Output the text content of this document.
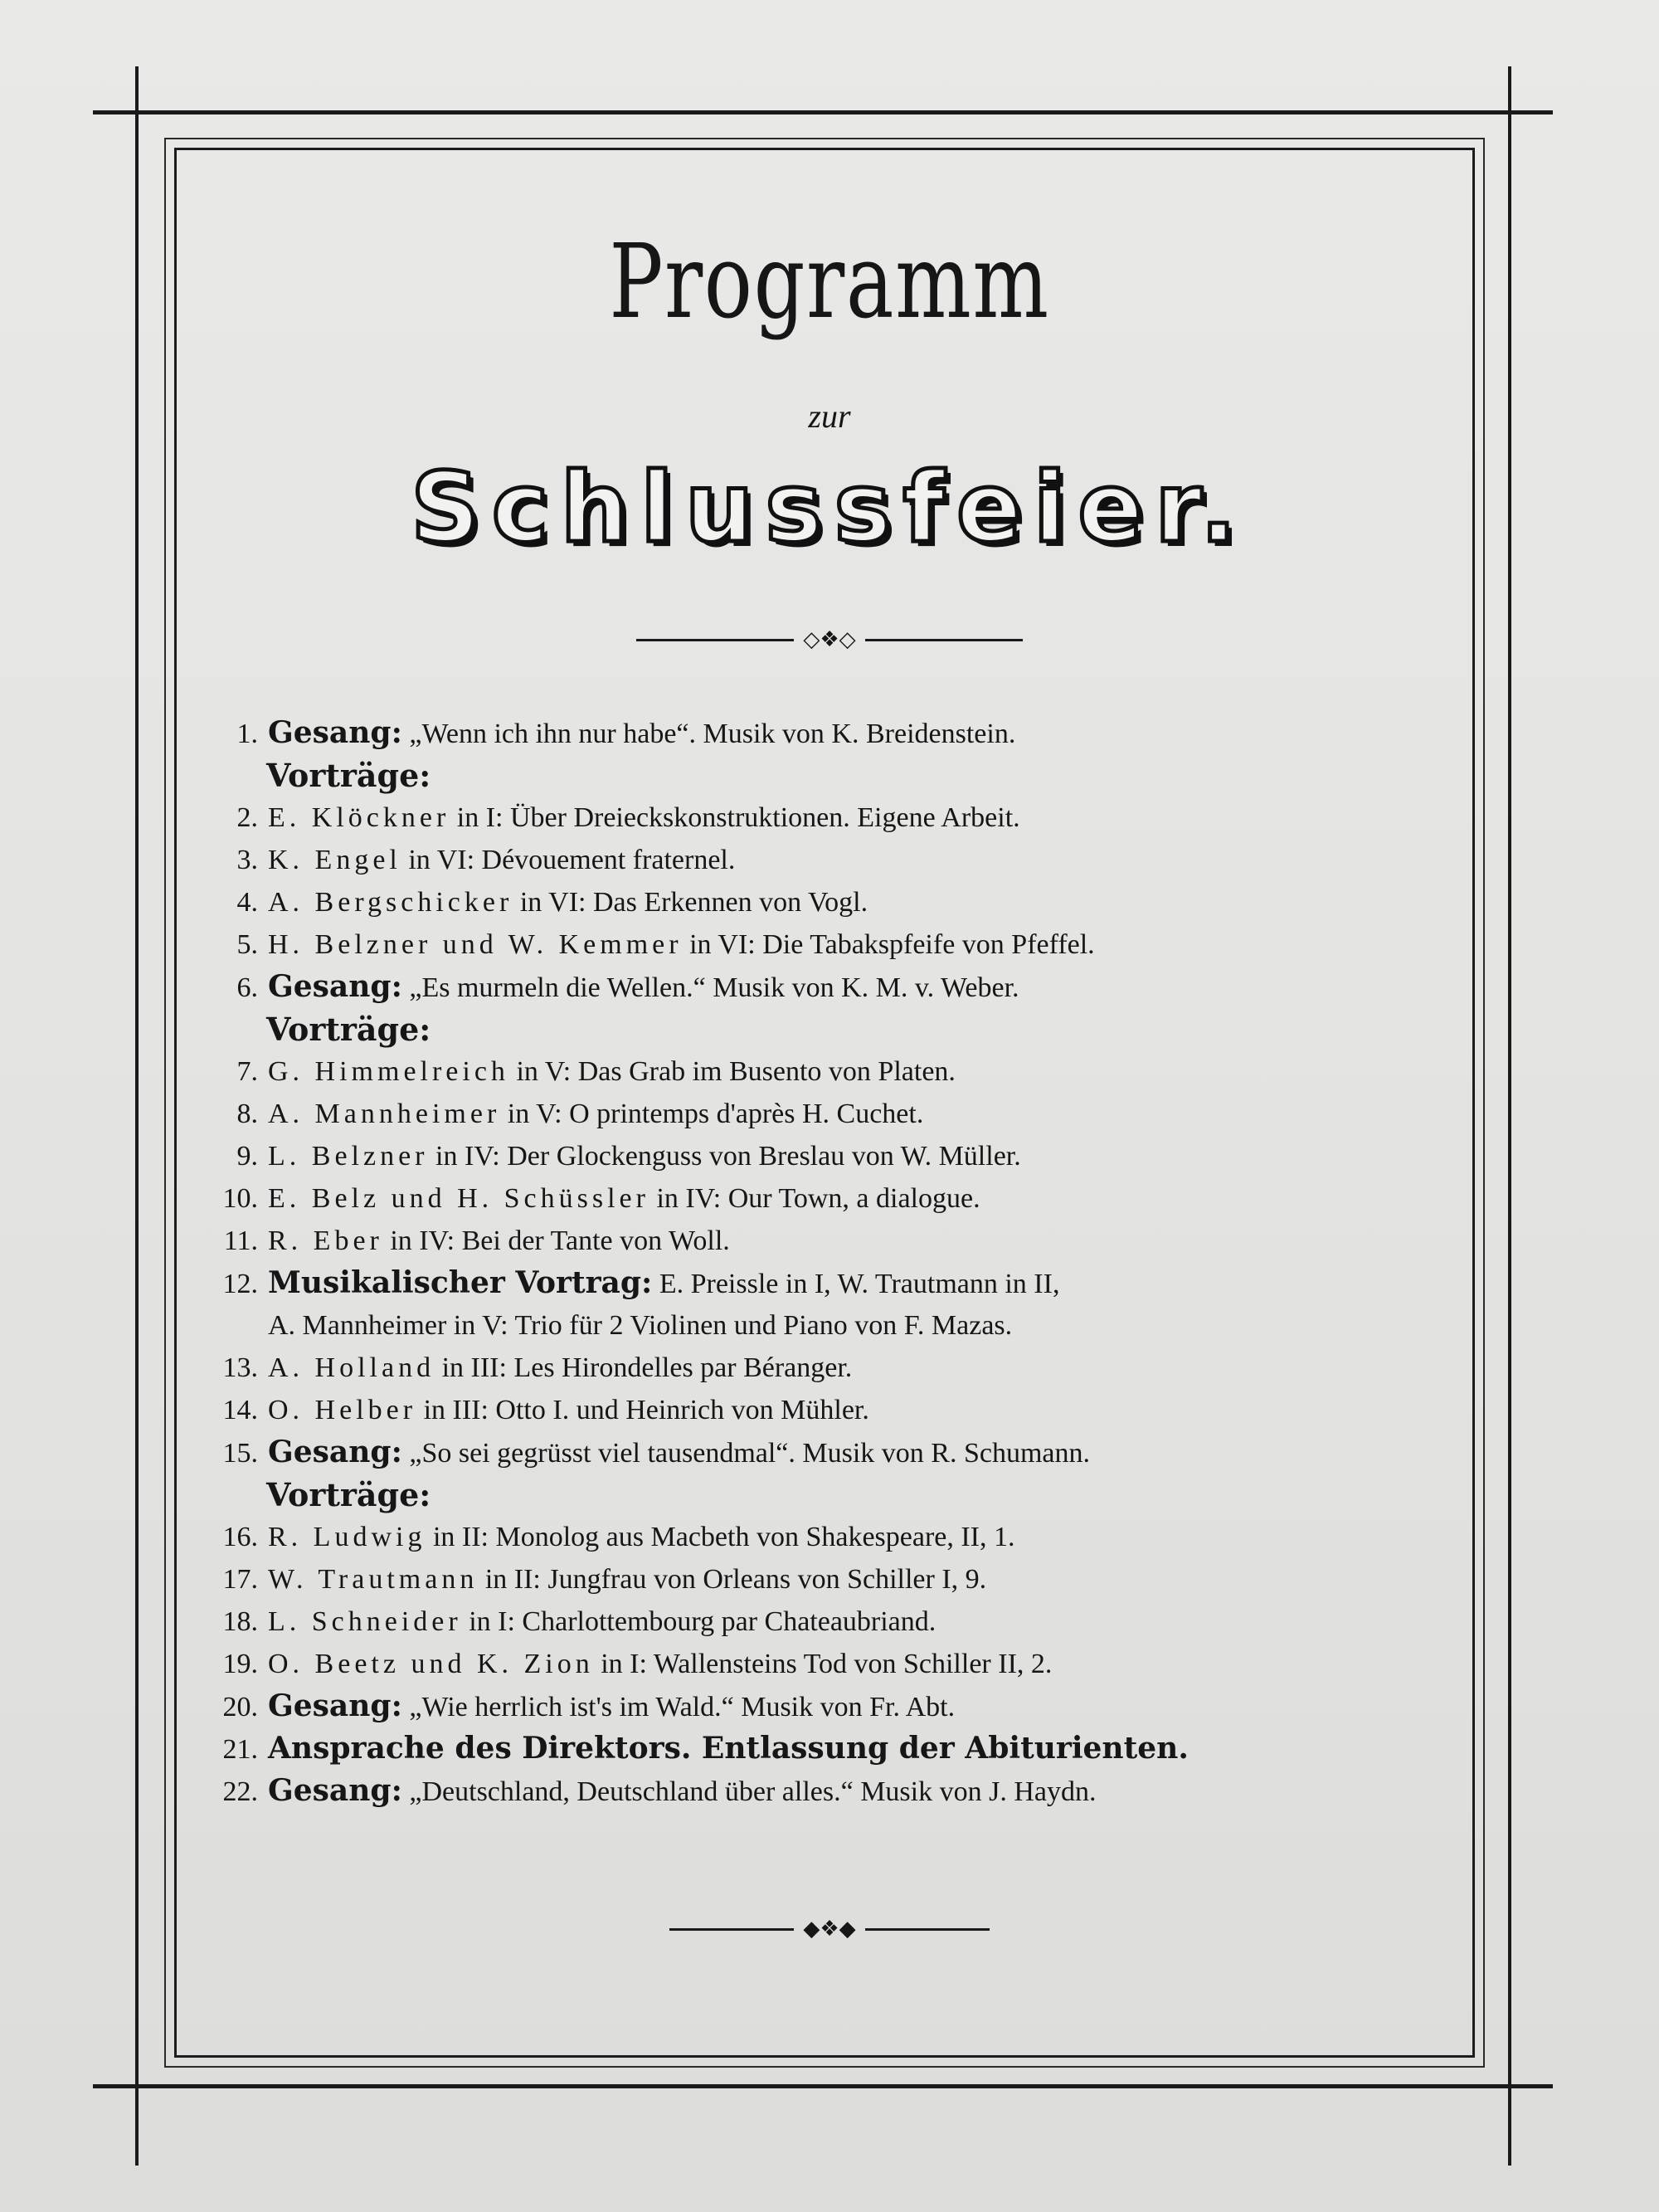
Programm
zur
Schlussfeier.
◇❖◇
1. Gesang: „Wenn ich ihn nur habe“. Musik von K. Breidenstein.
Vorträge:
2. E. Klöckner in I: Über Dreieckskonstruktionen. Eigene Arbeit.
3. K. Engel in VI: Dévouement fraternel.
4. A. Bergschicker in VI: Das Erkennen von Vogl.
5. H. Belzner und W. Kemmer in VI: Die Tabakspfeife von Pfeffel.
6. Gesang: „Es murmeln die Wellen.“ Musik von K. M. v. Weber.
Vorträge:
7. G. Himmelreich in V: Das Grab im Busento von Platen.
8. A. Mannheimer in V: O printemps d'après H. Cuchet.
9. L. Belzner in IV: Der Glockenguss von Breslau von W. Müller.
10. E. Belz und H. Schüssler in IV: Our Town, a dialogue.
11. R. Eber in IV: Bei der Tante von Woll.
12. Musikalischer Vortrag: E. Preissle in I, W. Trautmann in II,
A. Mannheimer in V: Trio für 2 Violinen und Piano von F. Mazas.
13. A. Holland in III: Les Hirondelles par Béranger.
14. O. Helber in III: Otto I. und Heinrich von Mühler.
15. Gesang: „So sei gegrüsst viel tausendmal“. Musik von R. Schumann.
Vorträge:
16. R. Ludwig in II: Monolog aus Macbeth von Shakespeare, II, 1.
17. W. Trautmann in II: Jungfrau von Orleans von Schiller I, 9.
18. L. Schneider in I: Charlottembourg par Chateaubriand.
19. O. Beetz und K. Zion in I: Wallensteins Tod von Schiller II, 2.
20. Gesang: „Wie herrlich ist's im Wald.“ Musik von Fr. Abt.
21. Ansprache des Direktors. Entlassung der Abiturienten.
22. Gesang: „Deutschland, Deutschland über alles.“ Musik von J. Haydn.
◆❖◆
